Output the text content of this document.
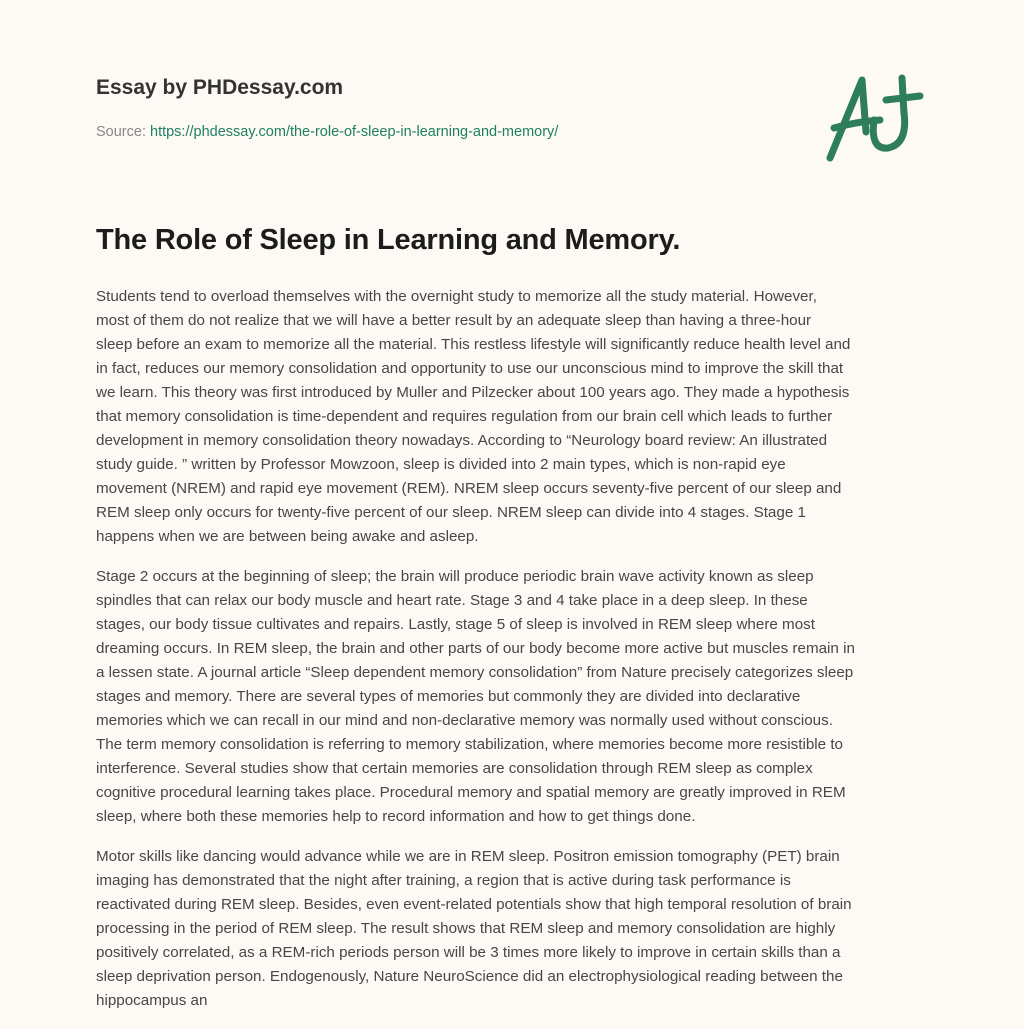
Essay by PHDessay.com
Source: https://phdessay.com/the-role-of-sleep-in-learning-and-memory/
The Role of Sleep in Learning and Memory.

Students tend to overload themselves with the overnight study to memorize all the study material. However,
most of them do not realize that we will have a better result by an adequate sleep than having a three-hour
sleep before an exam to memorize all the material. This restless lifestyle will significantly reduce health level and
in fact, reduces our memory consolidation and opportunity to use our unconscious mind to improve the skill that
we learn. This theory was first introduced by Muller and Pilzecker about 100 years ago. They made a hypothesis
that memory consolidation is time-dependent and requires regulation from our brain cell which leads to further
development in memory consolidation theory nowadays. According to “Neurology board review: An illustrated
study guide. ” written by Professor Mowzoon, sleep is divided into 2 main types, which is non-rapid eye
movement (NREM) and rapid eye movement (REM). NREM sleep occurs seventy-five percent of our sleep and
REM sleep only occurs for twenty-five percent of our sleep. NREM sleep can divide into 4 stages. Stage 1
happens when we are between being awake and asleep.

Stage 2 occurs at the beginning of sleep; the brain will produce periodic brain wave activity known as sleep
spindles that can relax our body muscle and heart rate. Stage 3 and 4 take place in a deep sleep. In these
stages, our body tissue cultivates and repairs. Lastly, stage 5 of sleep is involved in REM sleep where most
dreaming occurs. In REM sleep, the brain and other parts of our body become more active but muscles remain in
a lessen state. A journal article “Sleep dependent memory consolidation” from Nature precisely categorizes sleep
stages and memory. There are several types of memories but commonly they are divided into declarative
memories which we can recall in our mind and non-declarative memory was normally used without conscious.
The term memory consolidation is referring to memory stabilization, where memories become more resistible to
interference. Several studies show that certain memories are consolidation through REM sleep as complex
cognitive procedural learning takes place. Procedural memory and spatial memory are greatly improved in REM
sleep, where both these memories help to record information and how to get things done.

Motor skills like dancing would advance while we are in REM sleep. Positron emission tomography (PET) brain
imaging has demonstrated that the night after training, a region that is active during task performance is
reactivated during REM sleep. Besides, even event-related potentials show that high temporal resolution of brain
processing in the period of REM sleep. The result shows that REM sleep and memory consolidation are highly
positively correlated, as a REM-rich periods person will be 3 times more likely to improve in certain skills than a
sleep deprivation person. Endogenously, Nature NeuroScience did an electrophysiological reading between the
hippocampus an
